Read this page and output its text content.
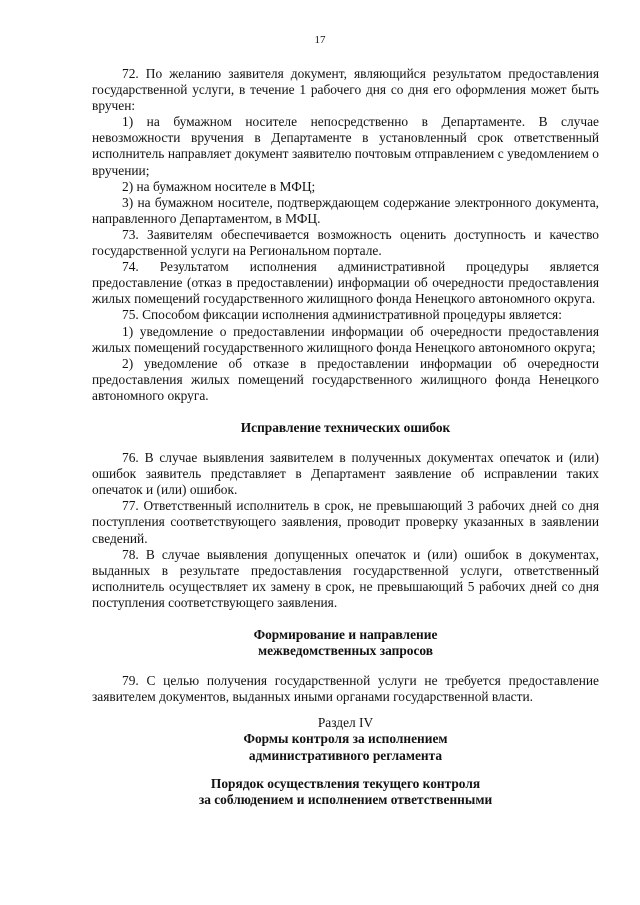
17

72. По желанию заявителя документ, являющийся результатом предоставления государственной услуги, в течение 1 рабочего дня со дня его оформления может быть вручен:

1) на бумажном носителе непосредственно в Департаменте. В случае невозможности вручения в Департаменте в установленный срок ответственный исполнитель направляет документ заявителю почтовым отправлением с уведомлением о вручении;

2) на бумажном носителе в МФЦ;

3) на бумажном носителе, подтверждающем содержание электронного документа, направленного Департаментом, в МФЦ.

73. Заявителям обеспечивается возможность оценить доступность и качество государственной услуги на Региональном портале.

74. Результатом исполнения административной процедуры является предоставление (отказ в предоставлении) информации об очередности предоставления жилых помещений государственного жилищного фонда Ненецкого автономного округа.

75. Способом фиксации исполнения административной процедуры является:

1) уведомление о предоставлении информации об очередности предоставления жилых помещений государственного жилищного фонда Ненецкого автономного округа;

2) уведомление об отказе в предоставлении информации об очередности предоставления жилых помещений государственного жилищного фонда Ненецкого автономного округа.

Исправление технических ошибок

76. В случае выявления заявителем в полученных документах опечаток и (или) ошибок заявитель представляет в Департамент заявление об исправлении таких опечаток и (или) ошибок.

77. Ответственный исполнитель в срок, не превышающий 3 рабочих дней со дня поступления соответствующего заявления, проводит проверку указанных в заявлении сведений.

78. В случае выявления допущенных опечаток и (или) ошибок в документах, выданных в результате предоставления государственной услуги, ответственный исполнитель осуществляет их замену в срок, не превышающий 5 рабочих дней со дня поступления соответствующего заявления.

Формирование и направление

межведомственных запросов

79. С целью получения государственной услуги не требуется предоставление заявителем документов, выданных иными органами государственной власти.

Раздел IV

Формы контроля за исполнением

административного регламента

Порядок осуществления текущего контроля

за соблюдением и исполнением ответственными
